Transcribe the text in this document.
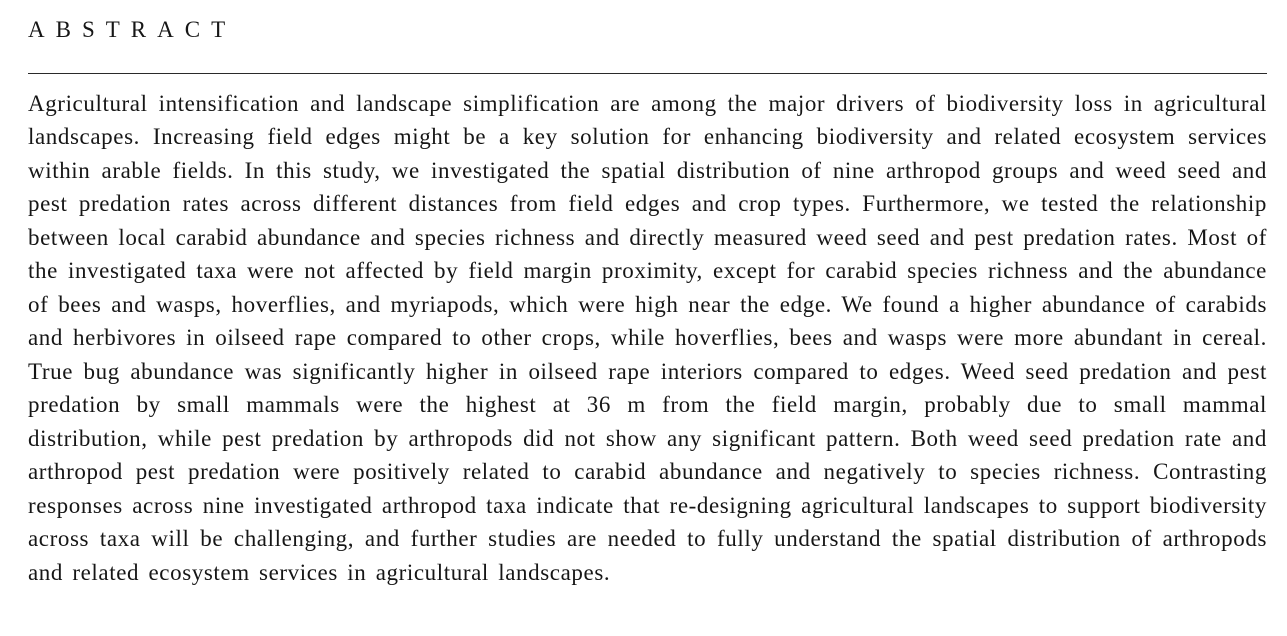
ABSTRACT

Agricultural intensification and landscape simplification are among the major drivers of biodiversity loss in agricultural landscapes. Increasing field edges might be a key solution for enhancing biodiversity and related ecosystem services within arable fields. In this study, we investigated the spatial distribution of nine arthropod groups and weed seed and pest predation rates across different distances from field edges and crop types. Furthermore, we tested the relationship between local carabid abundance and species richness and directly measured weed seed and pest predation rates. Most of the investigated taxa were not affected by field margin proximity, except for carabid species richness and the abundance of bees and wasps, hoverflies, and myriapods, which were high near the edge. We found a higher abundance of carabids and herbivores in oilseed rape compared to other crops, while hoverflies, bees and wasps were more abundant in cereal. True bug abundance was significantly higher in oilseed rape interiors compared to edges. Weed seed predation and pest predation by small mammals were the highest at 36 m from the field margin, probably due to small mammal distribution, while pest predation by arthropods did not show any significant pattern. Both weed seed predation rate and arthropod pest predation were positively related to carabid abundance and negatively to species richness. Contrasting responses across nine investigated arthropod taxa indicate that re-designing agricultural landscapes to support biodiversity across taxa will be challenging, and further studies are needed to fully understand the spatial distribution of arthropods and related ecosystem services in agricultural landscapes.
